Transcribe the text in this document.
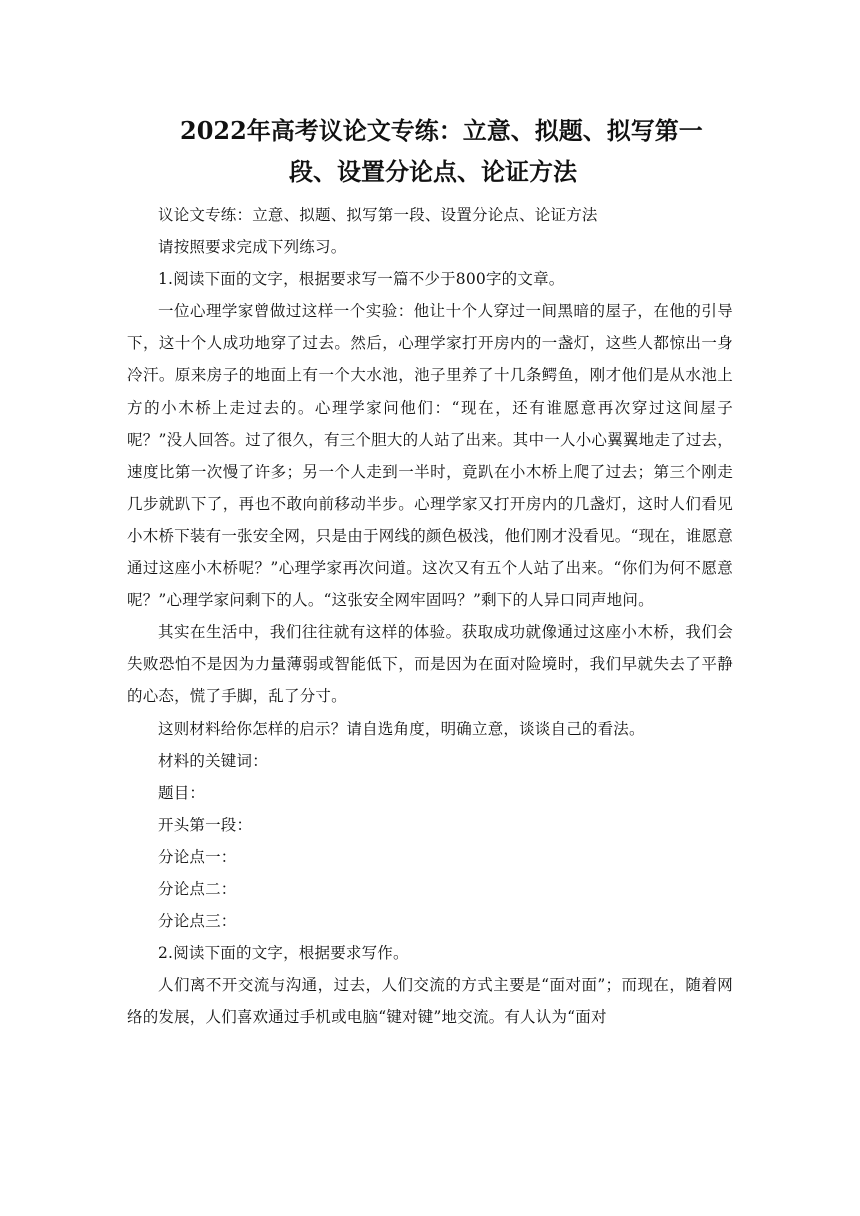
2022年高考议论文专练：立意、拟题、拟写第一
段、设置分论点、论证方法

议论文专练：立意、拟题、拟写第一段、设置分论点、论证方法

请按照要求完成下列练习。

1.阅读下面的文字，根据要求写一篇不少于800字的文章。

一位心理学家曾做过这样一个实验：他让十个人穿过一间黑暗的屋子，在他的引导下，这十个人成功地穿了过去。然后，心理学家打开房内的一盏灯，这些人都惊出一身冷汗。原来房子的地面上有一个大水池，池子里养了十几条鳄鱼，刚才他们是从水池上方的小木桥上走过去的。心理学家问他们：“现在，还有谁愿意再次穿过这间屋子呢？”没人回答。过了很久，有三个胆大的人站了出来。其中一人小心翼翼地走了过去，速度比第一次慢了许多；另一个人走到一半时，竟趴在小木桥上爬了过去；第三个刚走几步就趴下了，再也不敢向前移动半步。心理学家又打开房内的几盏灯，这时人们看见小木桥下装有一张安全网，只是由于网线的颜色极浅，他们刚才没看见。“现在，谁愿意通过这座小木桥呢？”心理学家再次问道。这次又有五个人站了出来。“你们为何不愿意呢？”心理学家问剩下的人。“这张安全网牢固吗？”剩下的人异口同声地问。

其实在生活中，我们往往就有这样的体验。获取成功就像通过这座小木桥，我们会失败恐怕不是因为力量薄弱或智能低下，而是因为在面对险境时，我们早就失去了平静的心态，慌了手脚，乱了分寸。

这则材料给你怎样的启示？请自选角度，明确立意，谈谈自己的看法。

材料的关键词：

题目：

开头第一段：

分论点一：

分论点二：

分论点三：

2.阅读下面的文字，根据要求写作。

人们离不开交流与沟通，过去，人们交流的方式主要是“面对面”；而现在，随着网络的发展，人们喜欢通过手机或电脑“键对键”地交流。有人认为“面对
